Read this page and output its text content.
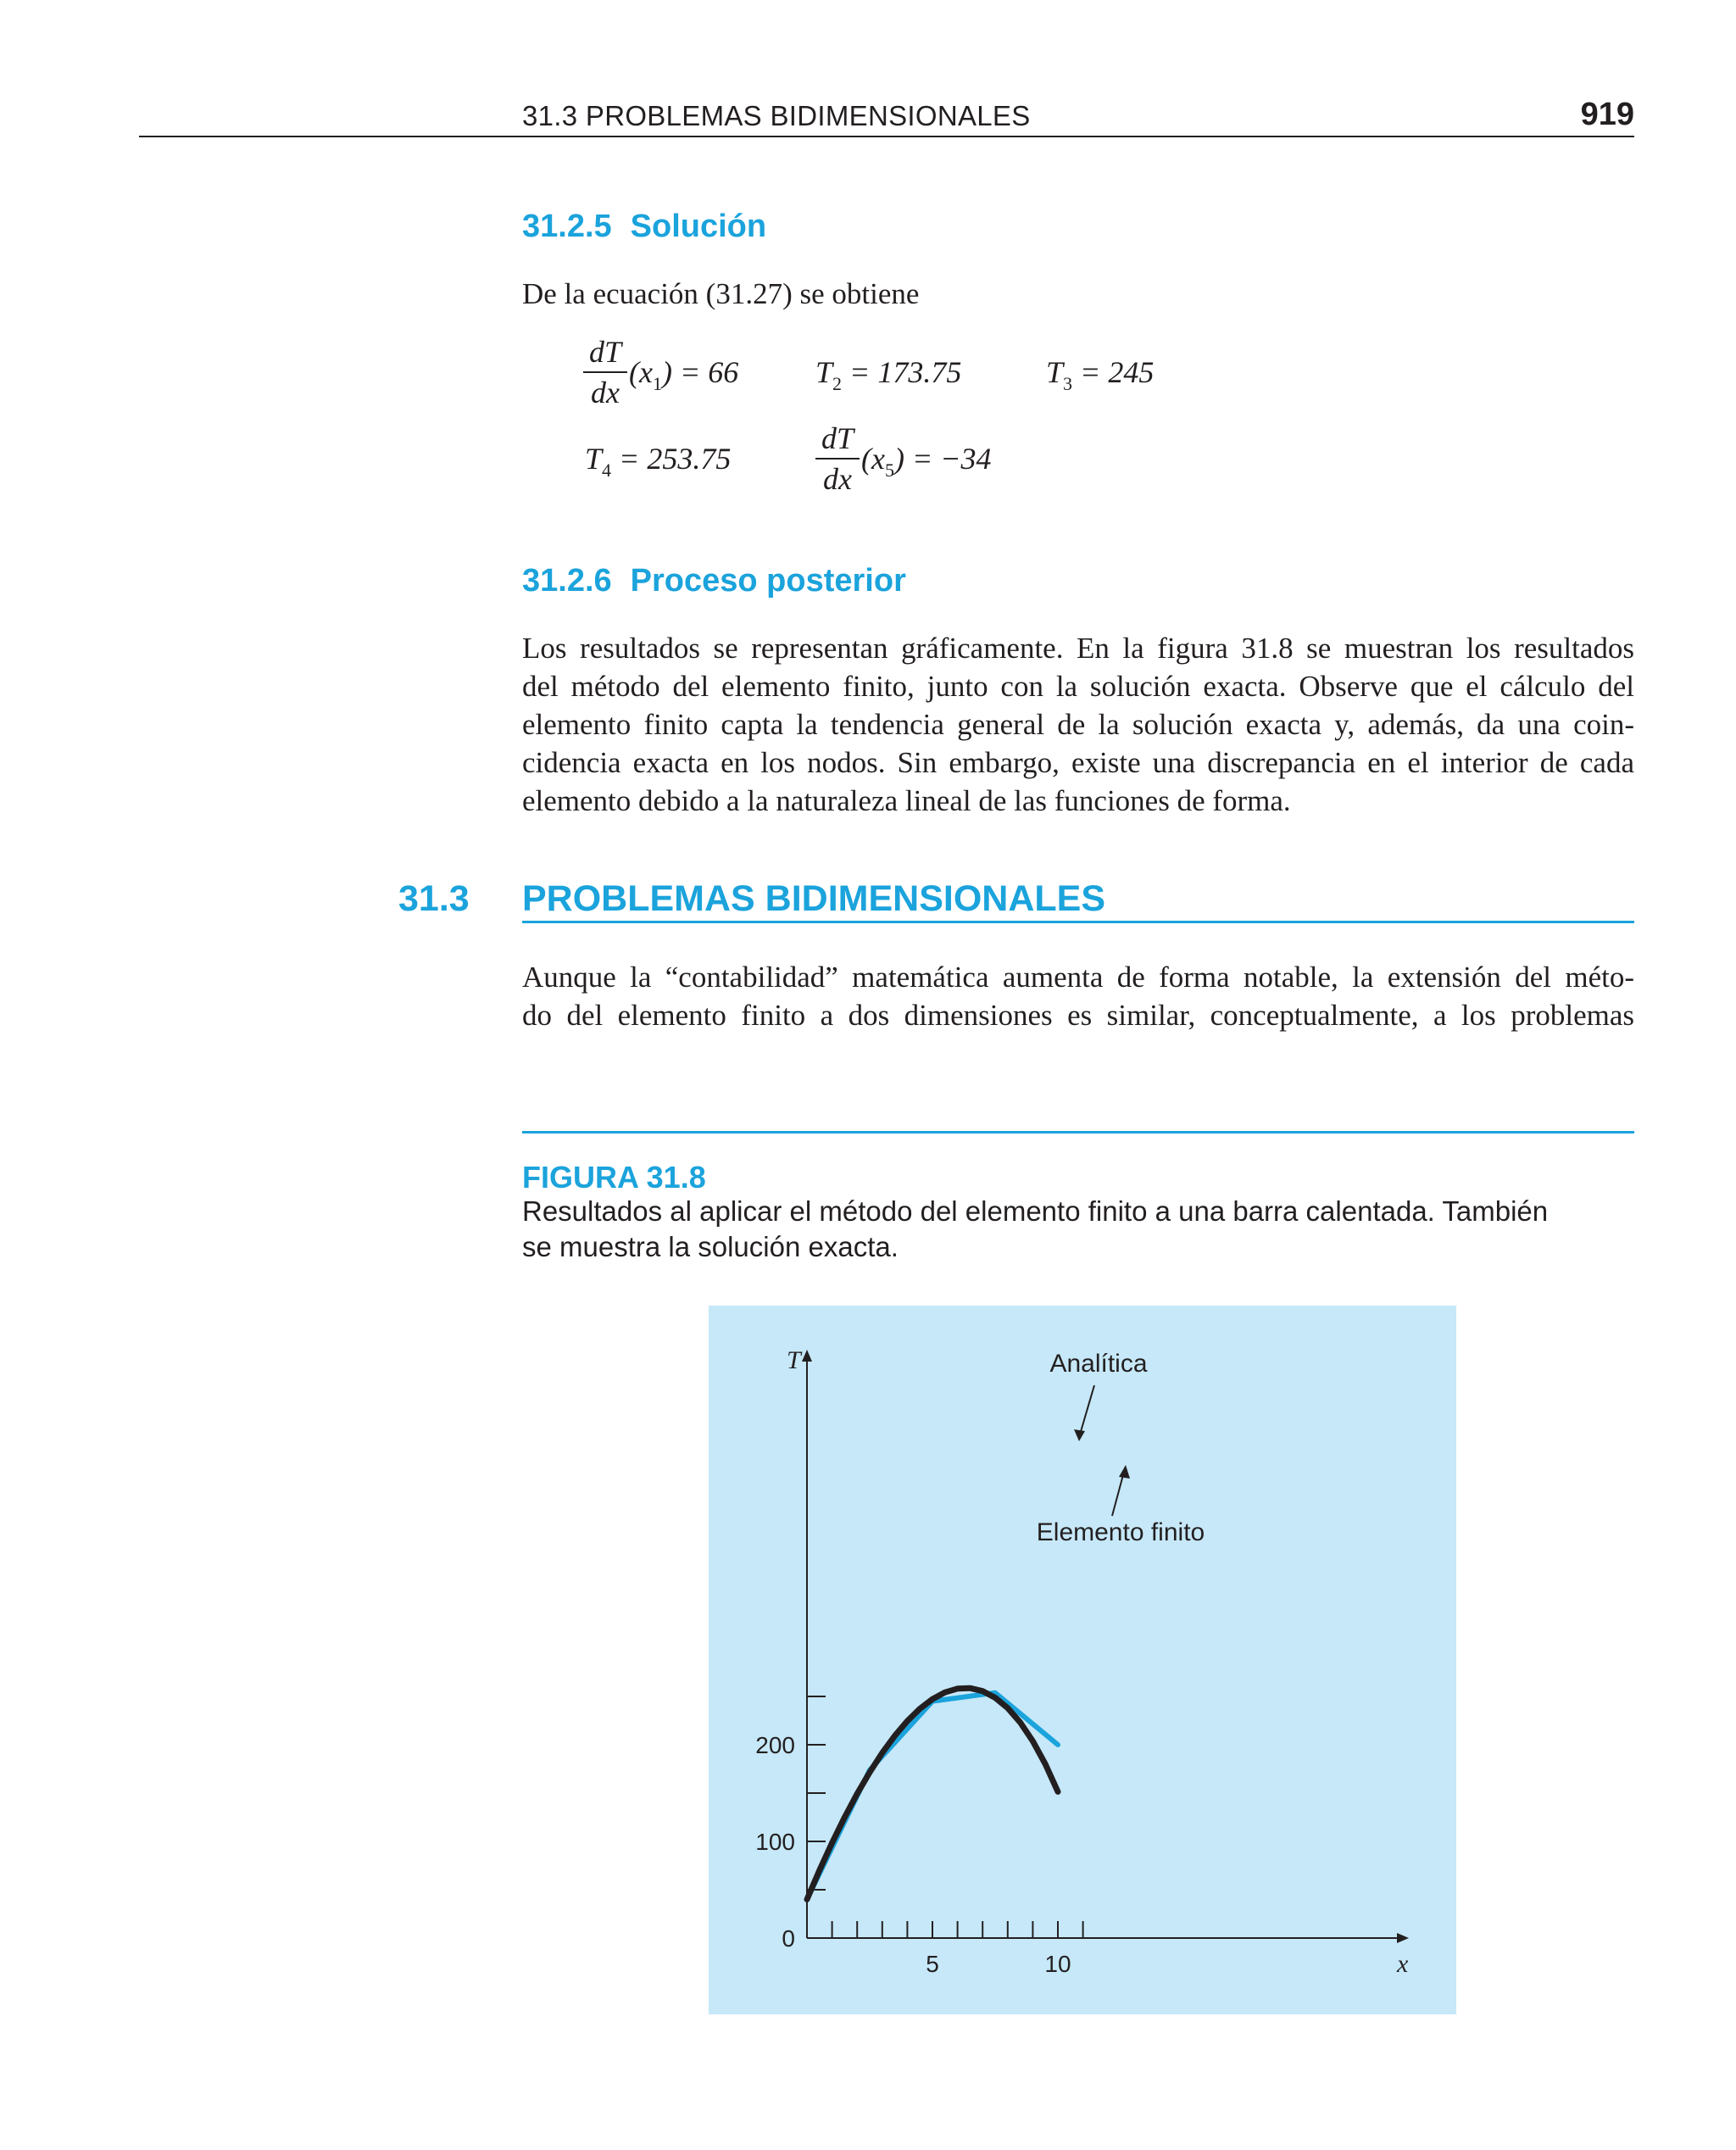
31.3 PROBLEMAS BIDIMENSIONALES	919
31.2.5 Solución
De la ecuación (31.27) se obtiene
dT
dx
$(x_1) = 66$	$T_2 = 173.75$	$T_3 = 245$
$T_4 = 253.75$
dT
dx
$(x_5) = -34$
31.2.6 Proceso posterior
Los resultados se representan gráficamente. En la figura 31.8 se muestran los resultados
del método del elemento finito, junto con la solución exacta. Observe que el cálculo del
elemento finito capta la tendencia general de la solución exacta y, además, da una coin-
cidencia exacta en los nodos. Sin embargo, existe una discrepancia en el interior de cada
elemento debido a la naturaleza lineal de las funciones de forma.
31.3 PROBLEMAS BIDIMENSIONALES
Aunque la “contabilidad” matemática aumenta de forma notable, la extensión del méto-
do del elemento finito a dos dimensiones es similar, conceptualmente, a los problemas
FIGURA 31.8
Resultados al aplicar el método del elemento finito a una barra calentada. También se muestra la solución exacta.
0
100
200
5	10
T
x
Analítica
Elemento finito
